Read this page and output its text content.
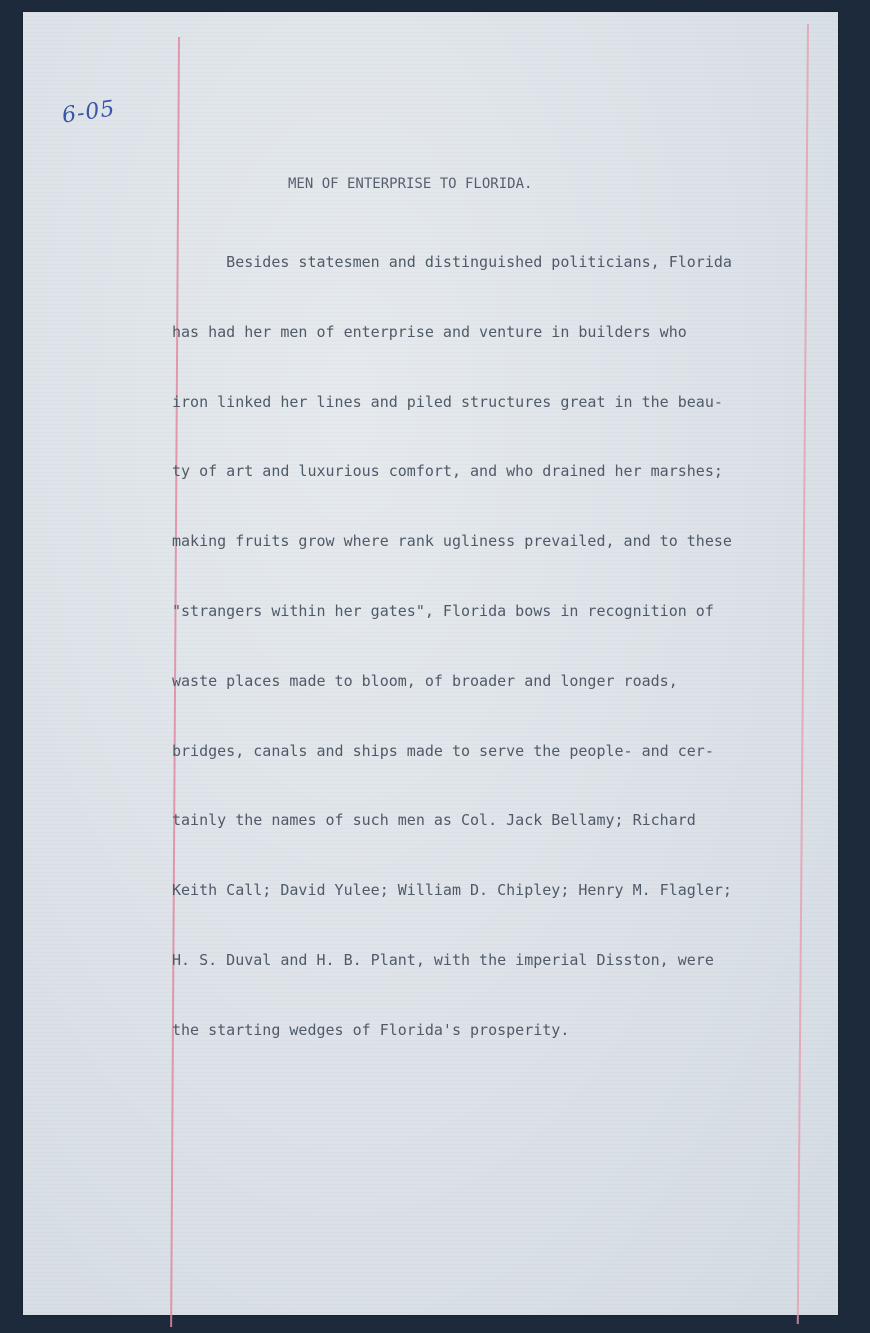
6-05
MEN OF ENTERPRISE TO FLORIDA.

Besides statesmen and distinguished politicians, Florida

has had her men of enterprise and venture in builders who

iron linked her lines and piled structures great in the beau-

ty of art and luxurious comfort, and who drained her marshes;

making fruits grow where rank ugliness prevailed, and to these

"strangers within her gates", Florida bows in recognition of

waste places made to bloom, of broader and longer roads,

bridges, canals and ships made to serve the people- and cer-

tainly the names of such men as Col. Jack Bellamy; Richard

Keith Call; David Yulee; William D. Chipley; Henry M. Flagler;

H. S. Duval and H. B. Plant, with the imperial Disston, were

the starting wedges of Florida's prosperity.
